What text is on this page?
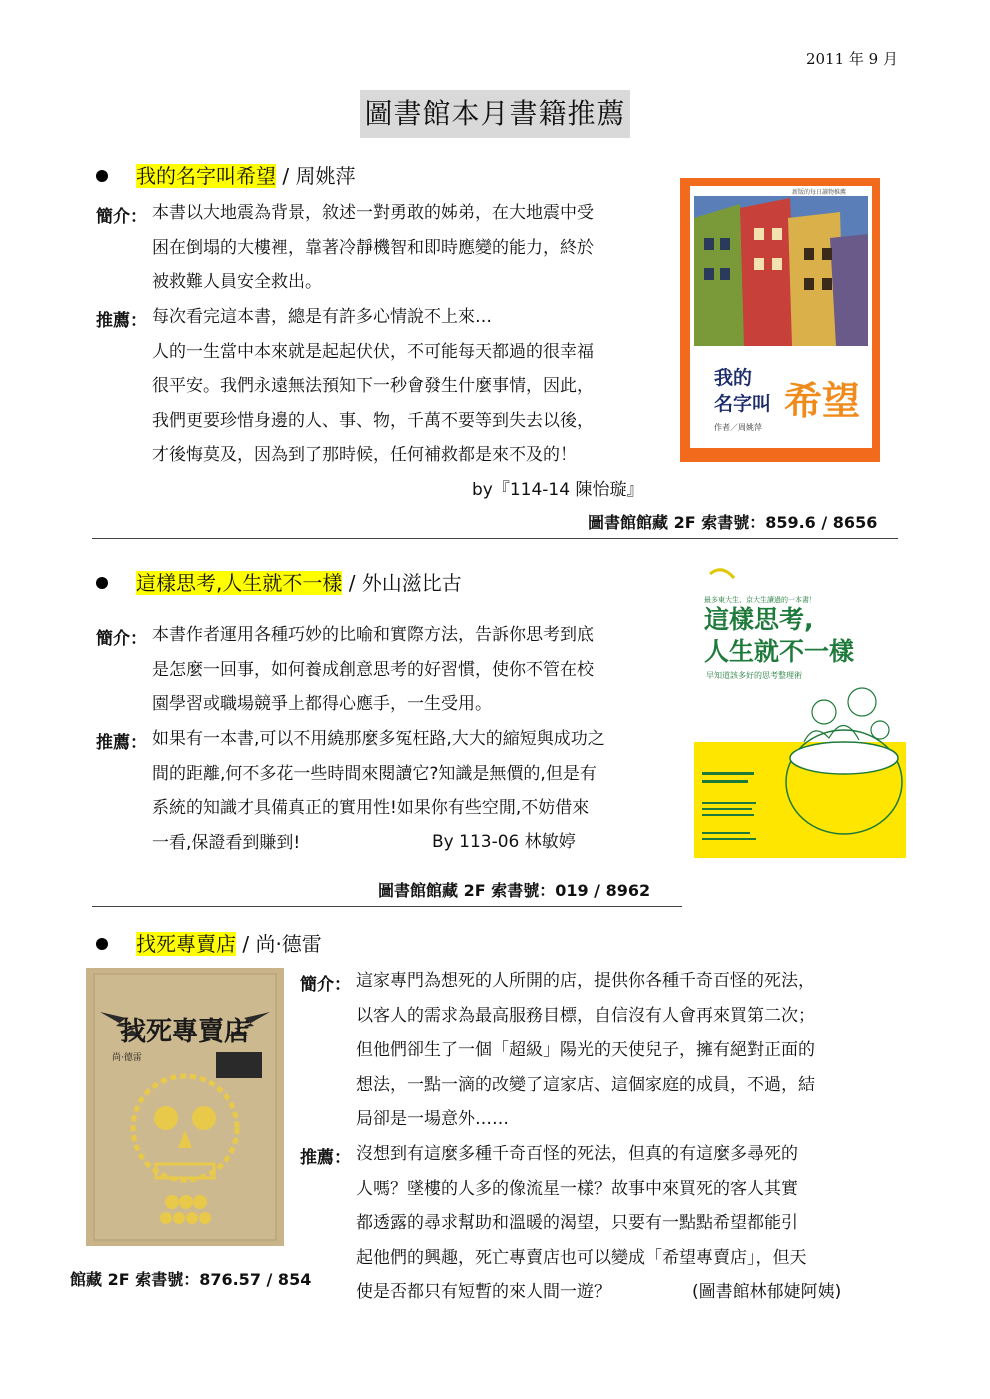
2011 年 9 月
圖書館本月書籍推薦
我的名字叫希望 / 周姚萍
簡介： 本書以大地震為背景，敘述一對勇敢的姊弟，在大地震中受
困在倒塌的大樓裡，靠著冷靜機智和即時應變的能力，終於
被救難人員安全救出。
推薦： 每次看完這本書，總是有許多心情說不上來…
人的一生當中本來就是起起伏伏，不可能每天都過的很幸福
很平安。我們永遠無法預知下一秒會發生什麼事情，因此，
我們更要珍惜身邊的人、事、物，千萬不要等到失去以後，
才後悔莫及，因為到了那時候，任何補救都是來不及的！
by『114-14 陳怡璇』
我的
名字叫 希望
作者／周姚萍
新版的每日讀物推薦
圖書館館藏 2F 索書號：859.6 / 8656
這樣思考,人生就不一樣 / 外山滋比古
簡介： 本書作者運用各種巧妙的比喻和實際方法，告訴你思考到底
是怎麼一回事，如何養成創意思考的好習慣，使你不管在校
園學習或職場競爭上都得心應手，一生受用。
推薦： 如果有一本書,可以不用繞那麼多冤枉路,大大的縮短與成功之
間的距離,何不多花一些時間來閱讀它?知識是無價的,但是有
系統的知識才具備真正的實用性!如果你有些空閒,不妨借來
一看,保證看到賺到!	By 113-06 林敏婷
最多東大生、京大生讀過的一本書！
這樣思考,
人生就不一樣
早知道該多好的思考整理術
圖書館館藏 2F 索書號：019 / 8962
找死專賣店 / 尚·德雷
找死專賣店
尚·德雷
簡介： 這家專門為想死的人所開的店，提供你各種千奇百怪的死法，
以客人的需求為最高服務目標，自信沒有人會再來買第二次；
但他們卻生了一個「超級」陽光的天使兒子，擁有絕對正面的
想法，一點一滴的改變了這家店、這個家庭的成員，不過，結
局卻是一場意外……
推薦： 沒想到有這麼多種千奇百怪的死法，但真的有這麼多尋死的
人嗎？墜樓的人多的像流星一樣？故事中來買死的客人其實
都透露的尋求幫助和溫暖的渴望，只要有一點點希望都能引
起他們的興趣，死亡專賣店也可以變成「希望專賣店」，但天
使是否都只有短暫的來人間一遊？	(圖書館林郁婕阿姨)
館藏 2F 索書號：876.57 / 854
